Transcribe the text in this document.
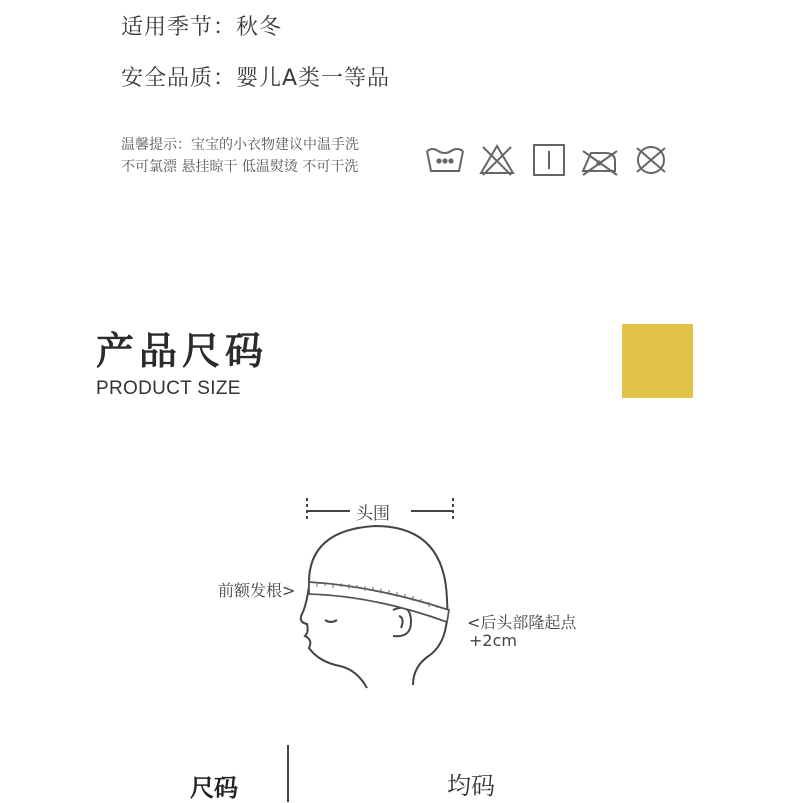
适用季节：秋冬
安全品质：婴儿A类一等品
温馨提示：宝宝的小衣物建议中温手洗
不可氯漂 悬挂晾干 低温熨烫 不可干洗
产品尺码
PRODUCT SIZE
头围
前额发根>
<后头部隆起点
+2cm
尺码	均码
